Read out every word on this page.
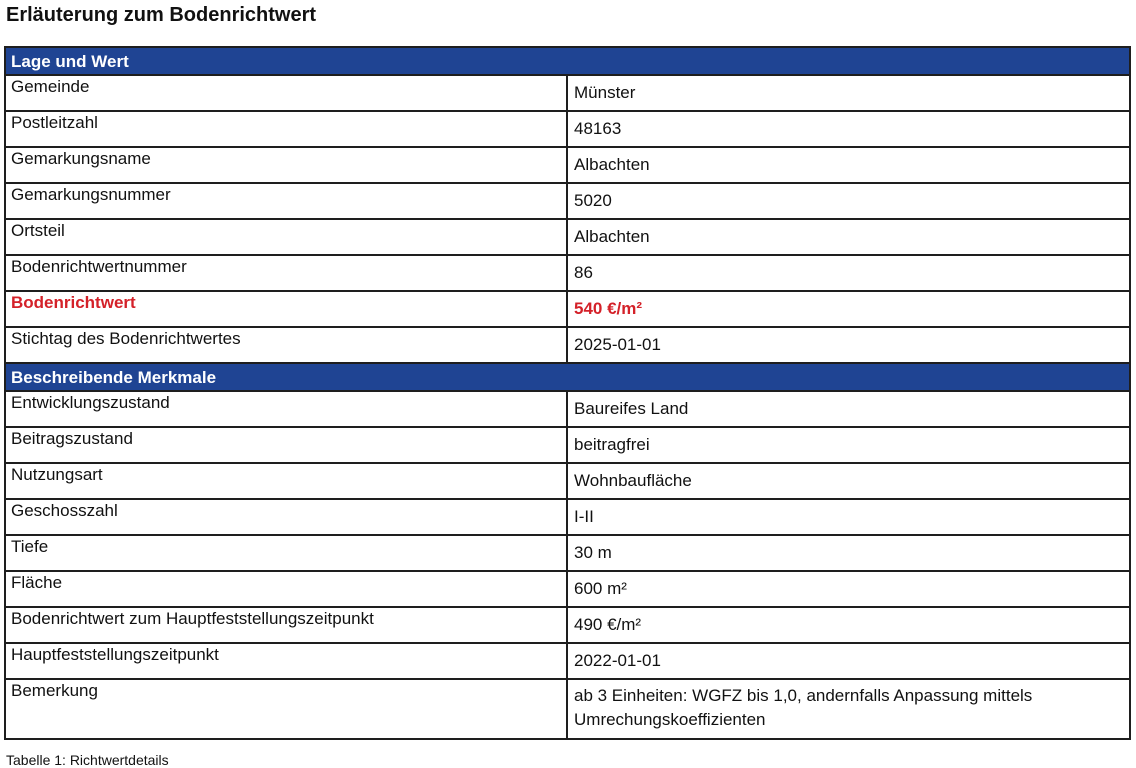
Erläuterung zum Bodenrichtwert
Lage und Wert	
Gemeinde	Münster
Postleitzahl	48163
Gemarkungsname	Albachten
Gemarkungsnummer	5020
Ortsteil	Albachten
Bodenrichtwertnummer	86
Bodenrichtwert	540 €/m²
Stichtag des Bodenrichtwertes	2025-01-01
Beschreibende Merkmale	
Entwicklungszustand	Baureifes Land
Beitragszustand	beitragfrei
Nutzungsart	Wohnbaufläche
Geschosszahl	I-II
Tiefe	30 m
Fläche	600 m²
Bodenrichtwert zum Hauptfeststellungszeitpunkt	490 €/m²
Hauptfeststellungszeitpunkt	2022-01-01
Bemerkung	ab 3 Einheiten: WGFZ bis 1,0, andernfalls Anpassung mittels Umrechungskoeffizienten
Tabelle 1: Richtwertdetails
